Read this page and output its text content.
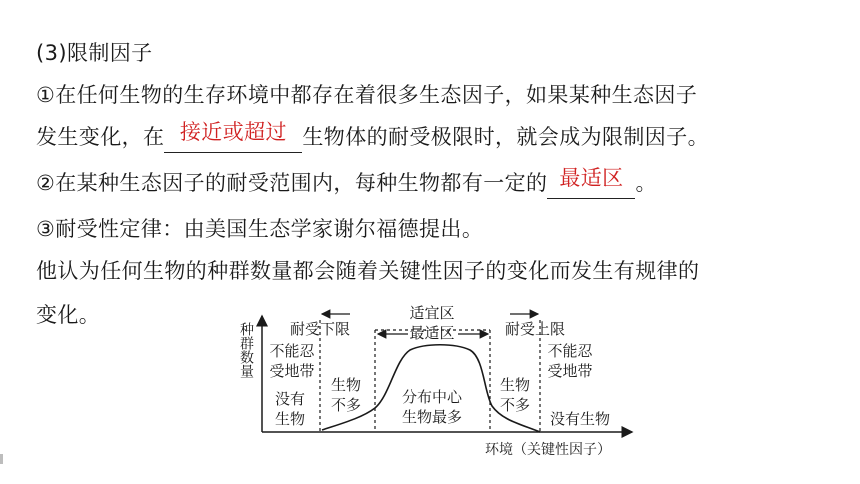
(3)限制因子
①在任何生物的生存环境中都存在着很多生态因子，如果某种生态因子
发生变化，在 接近或超过 生物体的耐受极限时，就会成为限制因子。
②在某种生态因子的耐受范围内，每种生物都有一定的 最适区 。
③耐受性定律：由美国生态学家谢尔福德提出。
他认为任何生物的种群数量都会随着关键性因子的变化而发生有规律的
变化。
种群数量
适宜区
最适区
耐受下限	耐受上限
不能忍
受地带
没有
生物
生物
不多	分布中心
生物最多
生物
不多
不能忍
受地带
没有生物
环境（关键性因子）
